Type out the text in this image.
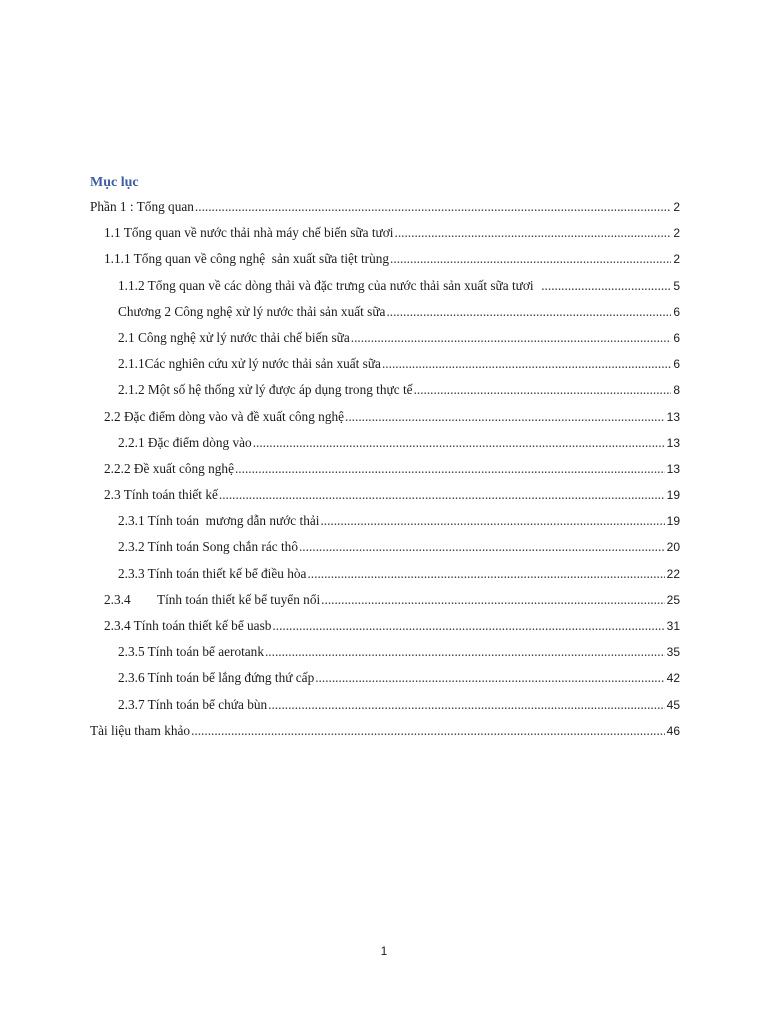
Mục lục
Phần 1 : Tổng quan .....	2
1.1 Tổng quan về nước thải nhà máy chế biến sữa tươi .....	2
1.1.1 Tổng quan về công nghệ  sản xuất sữa tiệt trùng .....	2
1.1.2 Tổng quan về các dòng thải và đặc trưng của nước thải sản xuất sữa tươi .....	5
Chương 2 Công nghệ xử lý nước thải sản xuất sữa .....	6
2.1 Công nghệ xử lý nước thải chế biến sữa .....	6
2.1.1Các nghiên cứu xử lý nước thải sản xuất sữa .....	6
2.1.2 Một số hệ thống xử lý được áp dụng trong thực tế .....	8
2.2 Đặc điểm dòng vào và đề xuất công nghệ .....	13
2.2.1 Đặc điểm dòng vào .....	13
2.2.2 Đề xuất công nghệ .....	13
2.3 Tính toán thiết kế .....	19
2.3.1 Tính toán  mương dẫn nước thải .....	19
2.3.2 Tính toán Song chắn rác thô .....	20
2.3.3 Tính toán thiết kế bể điều hòa .....	22
2.3.4        Tính toán thiết kế bể tuyển nổi .....	25
2.3.4 Tính toán thiết kế bể uasb .....	31
2.3.5 Tính toán bể aerotank .....	35
2.3.6 Tính toán bể lắng đứng thứ cấp .....	42
2.3.7 Tính toán bể chứa bùn .....	45
Tài liệu tham khảo .....	46
1
